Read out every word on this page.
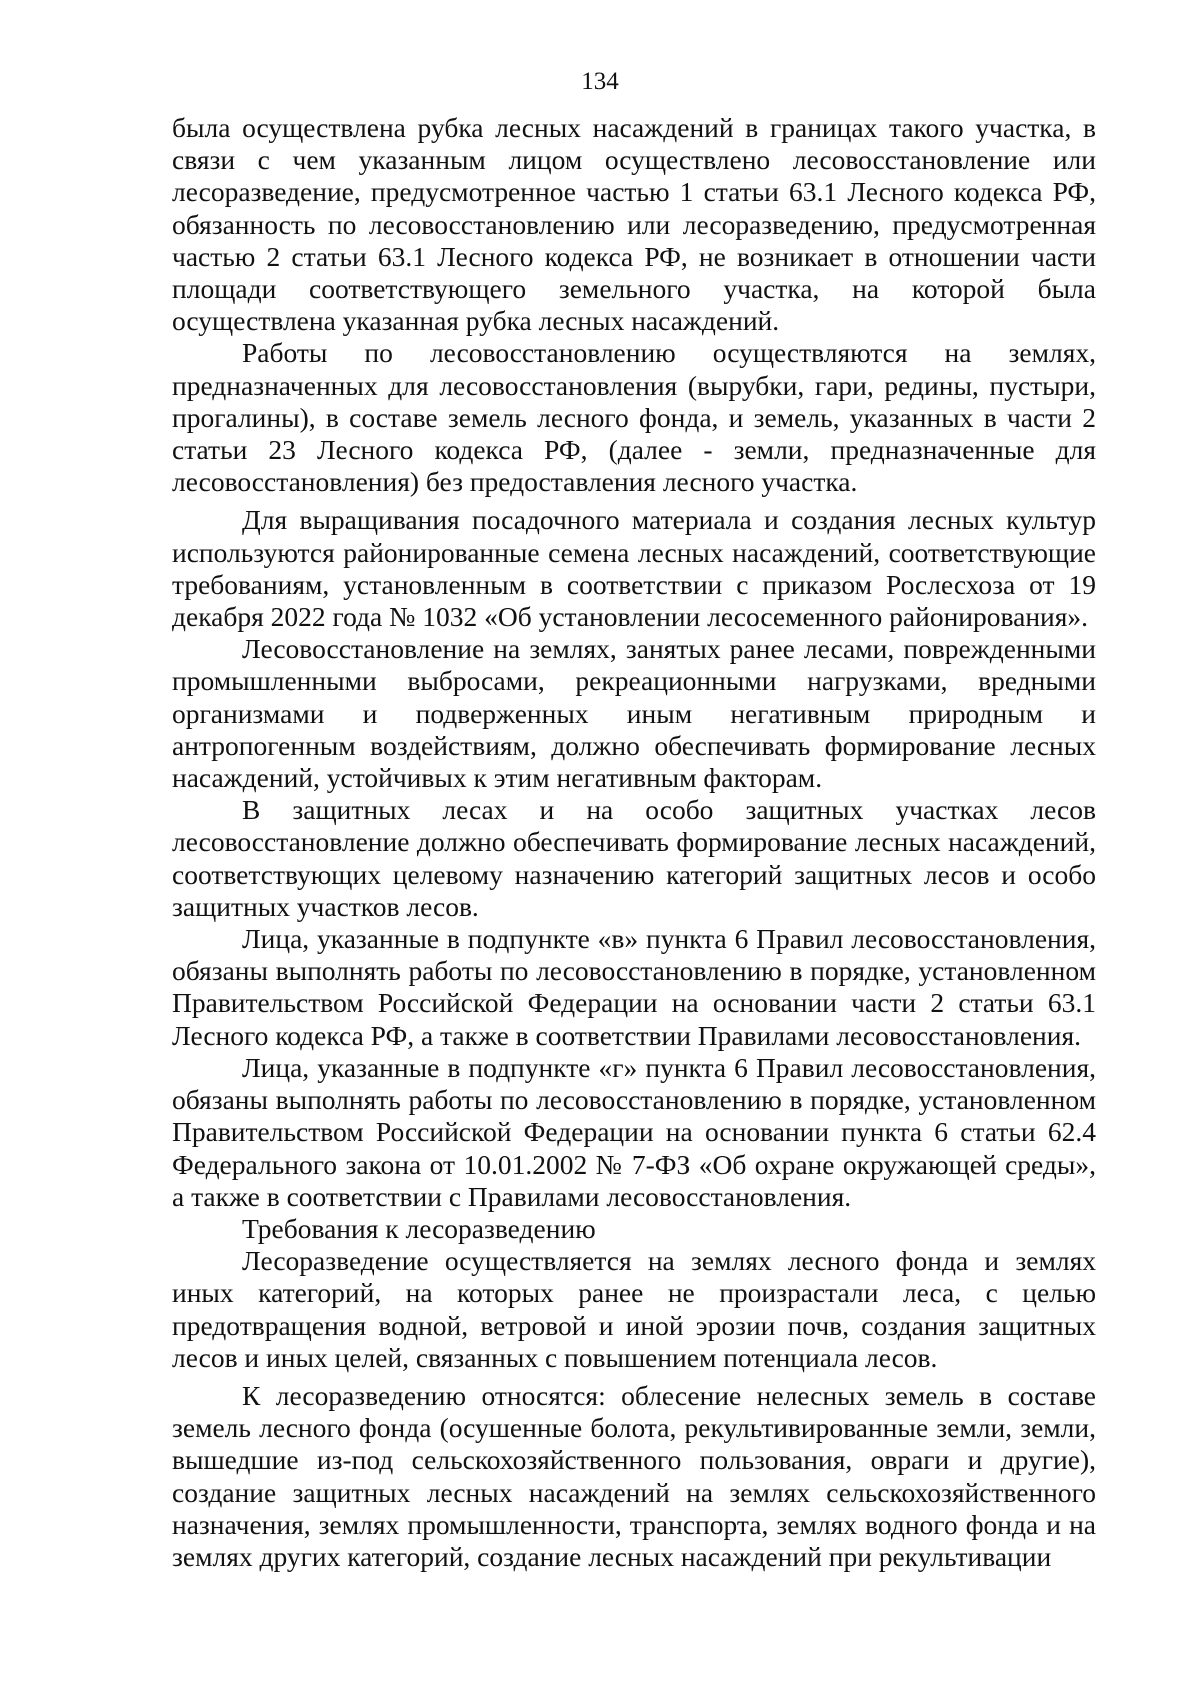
134

была осуществлена рубка лесных насаждений в границах такого участка, в связи с чем указанным лицом осуществлено лесовосстановление или лесоразведение, предусмотренное частью 1 статьи 63.1 Лесного кодекса РФ, обязанность по лесовосстановлению или лесоразведению, предусмотренная частью 2 статьи 63.1 Лесного кодекса РФ, не возникает в отношении части площади соответствующего земельного участка, на которой была осуществлена указанная рубка лесных насаждений.

Работы по лесовосстановлению осуществляются на землях, предназначенных для лесовосстановления (вырубки, гари, редины, пустыри, прогалины), в составе земель лесного фонда, и земель, указанных в части 2 статьи 23 Лесного кодекса РФ, (далее - земли, предназначенные для лесовосстановления) без предоставления лесного участка.

Для выращивания посадочного материала и создания лесных культур используются районированные семена лесных насаждений, соответствующие требованиям, установленным в соответствии с приказом Рослесхоза от 19 декабря 2022 года № 1032 «Об установлении лесосеменного районирования».

Лесовосстановление на землях, занятых ранее лесами, поврежденными промышленными выбросами, рекреационными нагрузками, вредными организмами и подверженных иным негативным природным и антропогенным воздействиям, должно обеспечивать формирование лесных насаждений, устойчивых к этим негативным факторам.

В защитных лесах и на особо защитных участках лесов лесовосстановление должно обеспечивать формирование лесных насаждений, соответствующих целевому назначению категорий защитных лесов и особо защитных участков лесов.

Лица, указанные в подпункте «в» пункта 6 Правил лесовосстановления, обязаны выполнять работы по лесовосстановлению в порядке, установленном Правительством Российской Федерации на основании части 2 статьи 63.1 Лесного кодекса РФ, а также в соответствии Правилами лесовосстановления.

Лица, указанные в подпункте «г» пункта 6 Правил лесовосстановления, обязаны выполнять работы по лесовосстановлению в порядке, установленном Правительством Российской Федерации на основании пункта 6 статьи 62.4 Федерального закона от 10.01.2002 № 7-ФЗ «Об охране окружающей среды», а также в соответствии с Правилами лесовосстановления.

Требования к лесоразведению

Лесоразведение осуществляется на землях лесного фонда и землях иных категорий, на которых ранее не произрастали леса, с целью предотвращения водной, ветровой и иной эрозии почв, создания защитных лесов и иных целей, связанных с повышением потенциала лесов.

К лесоразведению относятся: облесение нелесных земель в составе земель лесного фонда (осушенные болота, рекультивированные земли, земли, вышедшие из-под сельскохозяйственного пользования, овраги и другие), создание защитных лесных насаждений на землях сельскохозяйственного назначения, землях промышленности, транспорта, землях водного фонда и на землях других категорий, создание лесных насаждений при рекультивации
